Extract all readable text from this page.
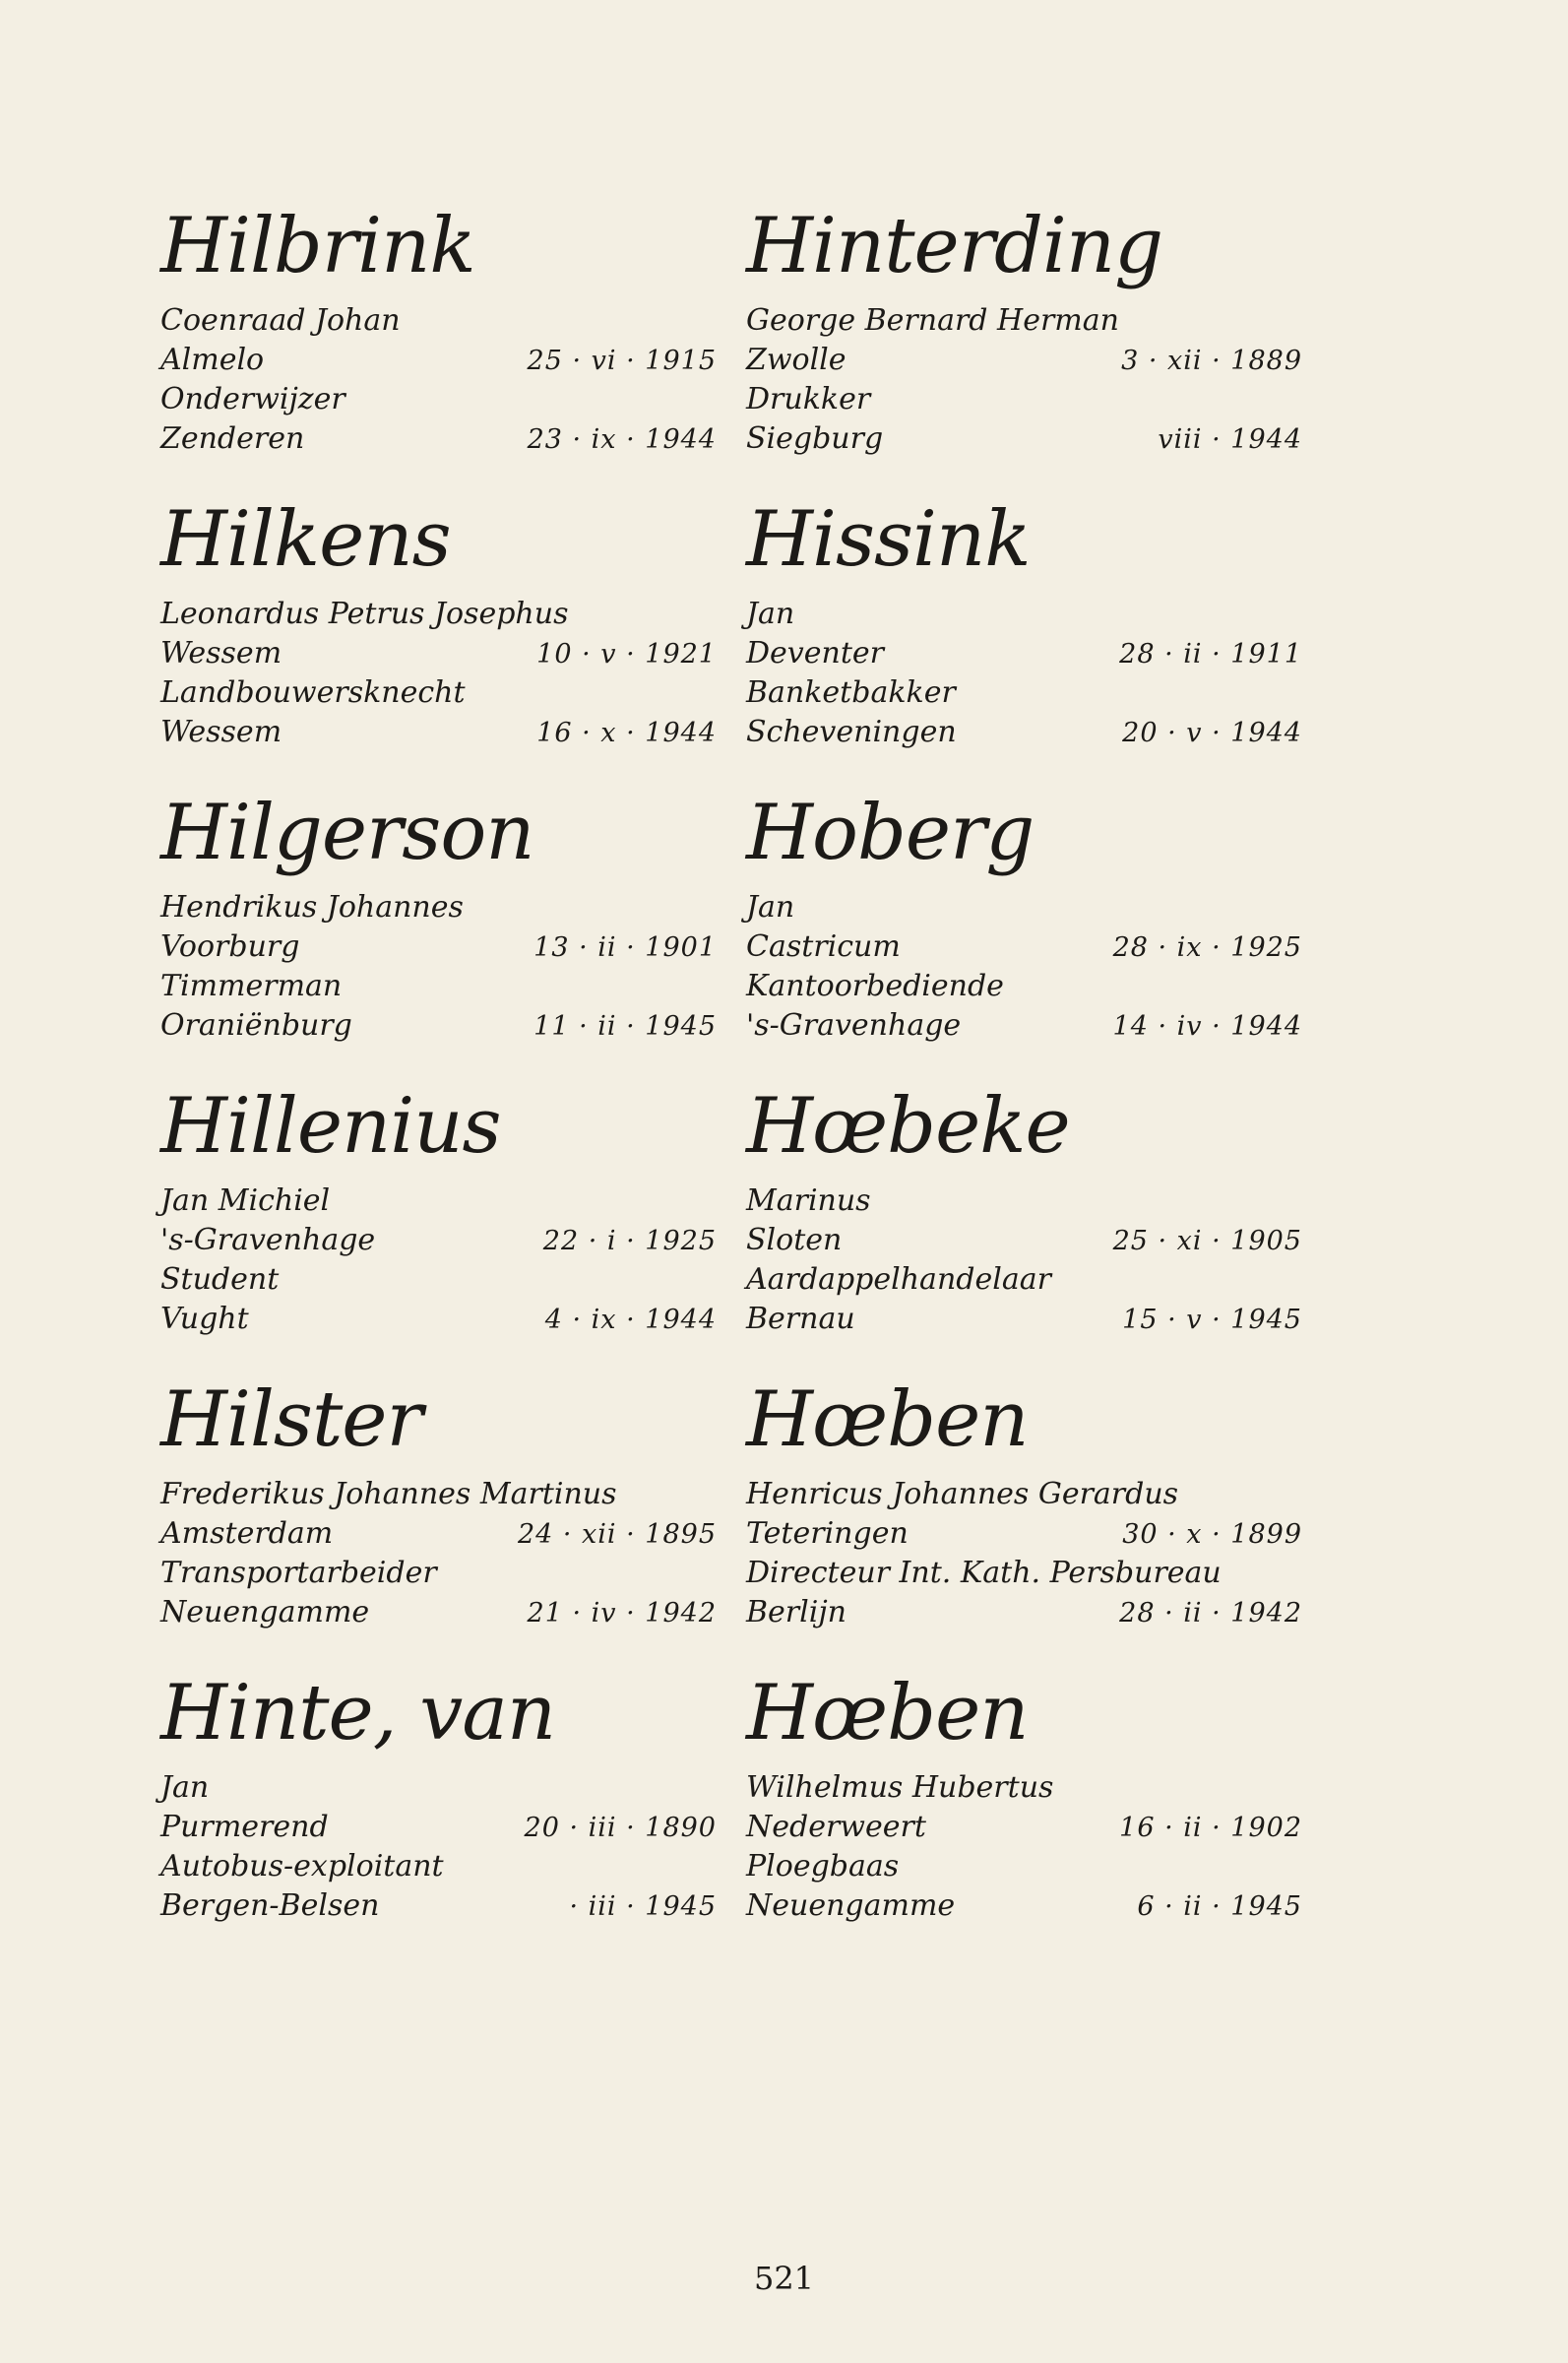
Hilbrink
Coenraad Johan
Almelo	25 · vi · 1915
Onderwijzer
Zenderen	23 · ix · 1944
Hilkens
Leonardus Petrus Josephus
Wessem	10 · v · 1921
Landbouwersknecht
Wessem	16 · x · 1944
Hilgerson
Hendrikus Johannes
Voorburg	13 · ii · 1901
Timmerman
Oraniënburg	11 · ii · 1945
Hillenius
Jan Michiel
's-Gravenhage	22 · i · 1925
Student
Vught	4 · ix · 1944
Hilster
Frederikus Johannes Martinus
Amsterdam	24 · xii · 1895
Transportarbeider
Neuengamme	21 · iv · 1942
Hinte, van
Jan
Purmerend	20 · iii · 1890
Autobus-exploitant
Bergen-Belsen	· iii · 1945
Hinterding
George Bernard Herman
Zwolle	3 · xii · 1889
Drukker
Siegburg	viii · 1944
Hissink
Jan
Deventer	28 · ii · 1911
Banketbakker
Scheveningen	20 · v · 1944
Hoberg
Jan
Castricum	28 · ix · 1925
Kantoorbediende
's-Gravenhage	14 · iv · 1944
Hœbeke
Marinus
Sloten	25 · xi · 1905
Aardappelhandelaar
Bernau	15 · v · 1945
Hœben
Henricus Johannes Gerardus
Teteringen	30 · x · 1899
Directeur Int. Kath. Persbureau
Berlijn	28 · ii · 1942
Hœben
Wilhelmus Hubertus
Nederweert	16 · ii · 1902
Ploegbaas
Neuengamme	6 · ii · 1945
521
